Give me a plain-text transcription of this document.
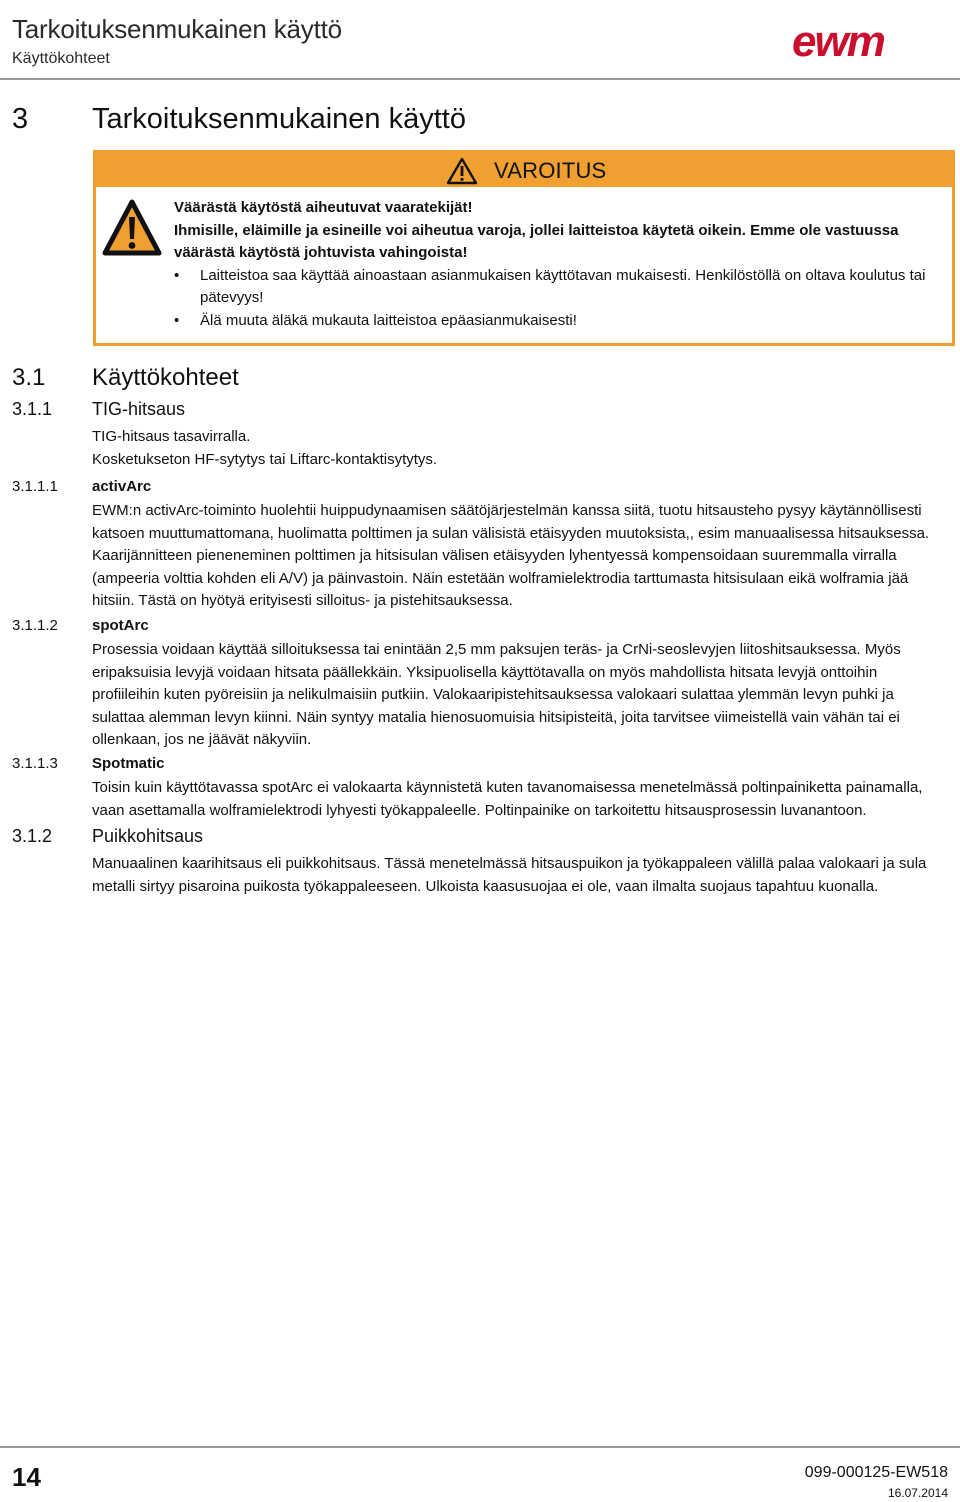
Tarkoituksenmukainen käyttö
Käyttökohteet	ewm
3 Tarkoituksenmukainen käyttö
VAROITUS
Väärästä käytöstä aiheutuvat vaaratekijät!
Ihmisille, eläimille ja esineille voi aiheutua varoja, jollei laitteistoa käytetä oikein. Emme ole vastuussa väärästä käytöstä johtuvista vahingoista!
• Laitteistoa saa käyttää ainoastaan asianmukaisen käyttötavan mukaisesti. Henkilöstöllä on oltava koulutus tai pätevyys!
• Älä muuta äläkä mukauta laitteistoa epäasianmukaisesti!
3.1 Käyttökohteet
3.1.1 TIG-hitsaus
TIG-hitsaus tasavirralla.
Kosketukseton HF-sytytys tai Liftarc-kontaktisytytys.
3.1.1.1 activArc
EWM:n activArc-toiminto huolehtii huippudynaamisen säätöjärjestelmän kanssa siitä, tuotu hitsausteho pysyy käytännöllisesti katsoen muuttumattomana, huolimatta polttimen ja sulan välisistä etäisyyden muutoksista,, esim manuaalisessa hitsauksessa. Kaarijännitteen pieneneminen polttimen ja hitsisulan välisen etäisyyden lyhentyessä kompensoidaan suuremmalla virralla (ampeeria volttia kohden eli A/V) ja päinvastoin. Näin estetään wolframielektrodia tarttumasta hitsisulaan eikä wolframia jää hitsiin. Tästä on hyötyä erityisesti silloitus- ja pistehitsauksessa.
3.1.1.2 spotArc
Prosessia voidaan käyttää silloituksessa tai enintään 2,5 mm paksujen teräs- ja CrNi-seoslevyjen liitoshitsauksessa. Myös eripaksuisia levyjä voidaan hitsata päällekkäin. Yksipuolisella käyttötavalla on myös mahdollista hitsata levyjä onttoihin profiileihin kuten pyöreisiin ja nelikulmaisiin putkiin. Valokaaripistehitsauksessa valokaari sulattaa ylemmän levyn puhki ja sulattaa alemman levyn kiinni. Näin syntyy matalia hienosuomuisia hitsipisteitä, joita tarvitsee viimeistellä vain vähän tai ei ollenkaan, jos ne jäävät näkyviin.
3.1.1.3 Spotmatic
Toisin kuin käyttötavassa spotArc ei valokaarta käynnistetä kuten tavanomaisessa menetelmässä poltinpainiketta painamalla, vaan asettamalla wolframielektrodi lyhyesti työkappaleelle. Poltinpainike on tarkoitettu hitsausprosessin luvanantoon.
3.1.2 Puikkohitsaus
Manuaalinen kaarihitsaus eli puikkohitsaus. Tässä menetelmässä hitsauspuikon ja työkappaleen välillä palaa valokaari ja sula metalli sirtyy pisaroina puikosta työkappaleeseen. Ulkoista kaasusuojaa ei ole, vaan ilmalta suojaus tapahtuu kuonalla.
14	099-000125-EW518
16.07.2014
